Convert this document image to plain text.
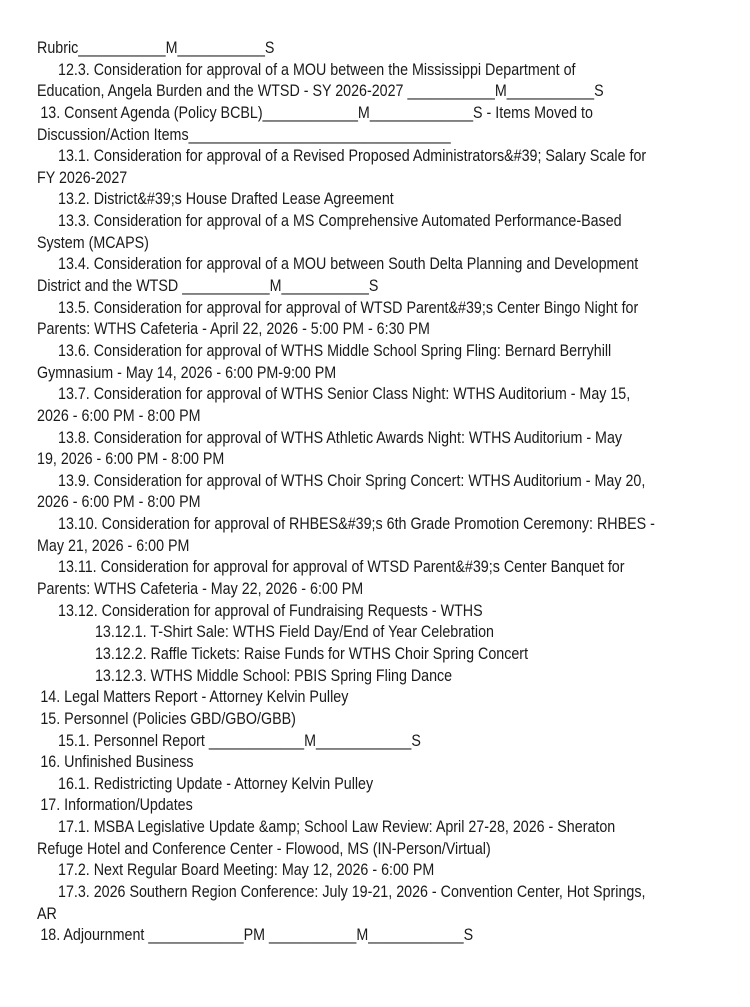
Rubric___________M___________S
12.3. Consideration for approval of a MOU between the Mississippi Department of
Education, Angela Burden and the WTSD - SY 2026-2027 ___________M___________S
13. Consent Agenda (Policy BCBL)____________M_____________S - Items Moved to
Discussion/Action Items_________________________________
13.1. Consideration for approval of a Revised Proposed Administrators&#39; Salary Scale for
FY 2026-2027
13.2. District&#39;s House Drafted Lease Agreement
13.3. Consideration for approval of a MS Comprehensive Automated Performance-Based
System (MCAPS)
13.4. Consideration for approval of a MOU between South Delta Planning and Development
District and the WTSD ___________M___________S
13.5. Consideration for approval for approval of WTSD Parent&#39;s Center Bingo Night for
Parents: WTHS Cafeteria - April 22, 2026 - 5:00 PM - 6:30 PM
13.6. Consideration for approval of WTHS Middle School Spring Fling: Bernard Berryhill
Gymnasium - May 14, 2026 - 6:00 PM-9:00 PM
13.7. Consideration for approval of WTHS Senior Class Night: WTHS Auditorium - May 15,
2026 - 6:00 PM - 8:00 PM
13.8. Consideration for approval of WTHS Athletic Awards Night: WTHS Auditorium - May
19, 2026 - 6:00 PM - 8:00 PM
13.9. Consideration for approval of WTHS Choir Spring Concert: WTHS Auditorium - May 20,
2026 - 6:00 PM - 8:00 PM
13.10. Consideration for approval of RHBES&#39;s 6th Grade Promotion Ceremony: RHBES -
May 21, 2026 - 6:00 PM
13.11. Consideration for approval for approval of WTSD Parent&#39;s Center Banquet for
Parents: WTHS Cafeteria - May 22, 2026 - 6:00 PM
13.12. Consideration for approval of Fundraising Requests - WTHS
13.12.1. T-Shirt Sale: WTHS Field Day/End of Year Celebration
13.12.2. Raffle Tickets: Raise Funds for WTHS Choir Spring Concert
13.12.3. WTHS Middle School: PBIS Spring Fling Dance
14. Legal Matters Report - Attorney Kelvin Pulley
15. Personnel (Policies GBD/GBO/GBB)
15.1. Personnel Report ____________M____________S
16. Unfinished Business
16.1. Redistricting Update - Attorney Kelvin Pulley
17. Information/Updates
17.1. MSBA Legislative Update &amp; School Law Review: April 27-28, 2026 - Sheraton
Refuge Hotel and Conference Center - Flowood, MS (IN-Person/Virtual)
17.2. Next Regular Board Meeting: May 12, 2026 - 6:00 PM
17.3. 2026 Southern Region Conference: July 19-21, 2026 - Convention Center, Hot Springs,
AR
18. Adjournment ____________PM ___________M____________S
